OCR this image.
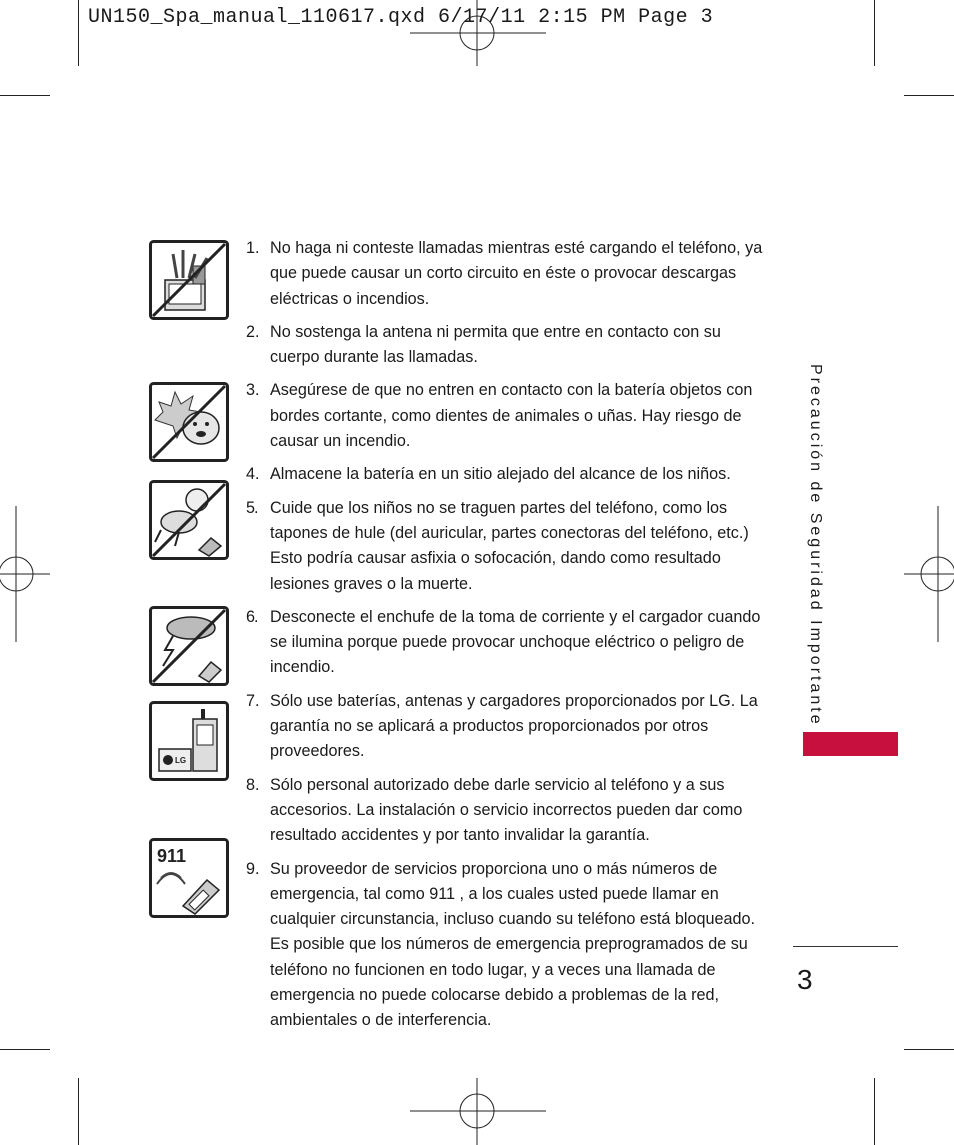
UN150_Spa_manual_110617.qxd 6/17/11 2:15 PM Page 3
LG
911
1. No haga ni conteste llamadas mientras esté cargando el teléfono, ya que puede causar un corto circuito en éste o provocar descargas eléctricas o incendios.
2. No sostenga la antena ni permita que entre en contacto con su cuerpo durante las llamadas.
3. Asegúrese de que no entren en contacto con la batería objetos con bordes cortante, como dientes de animales o uñas. Hay riesgo de causar un incendio.
4. Almacene la batería en un sitio alejado del alcance de los niños.
5. Cuide que los niños no se traguen partes del teléfono, como los tapones de hule (del auricular, partes conectoras del teléfono, etc.) Esto podría causar asfixia o sofocación, dando como resultado lesiones graves o la muerte.
6. Desconecte el enchufe de la toma de corriente y el cargador cuando se ilumina porque puede provocar unchoque eléctrico o peligro de incendio.
7. Sólo use baterías, antenas y cargadores proporcionados por LG. La garantía no se aplicará a productos proporcionados por otros proveedores.
8. Sólo personal autorizado debe darle servicio al teléfono y a sus accesorios. La instalación o servicio incorrectos pueden dar como resultado accidentes y por tanto invalidar la garantía.
9. Su proveedor de servicios proporciona uno o más números de emergencia, tal como 911 , a los cuales usted puede llamar en cualquier circunstancia, incluso cuando su teléfono está bloqueado. Es posible que los números de emergencia preprogramados de su teléfono no funcionen en todo lugar, y a veces una llamada de emergencia no puede colocarse debido a problemas de la red, ambientales o de interferencia.
Precaución de Seguridad Importante
3
